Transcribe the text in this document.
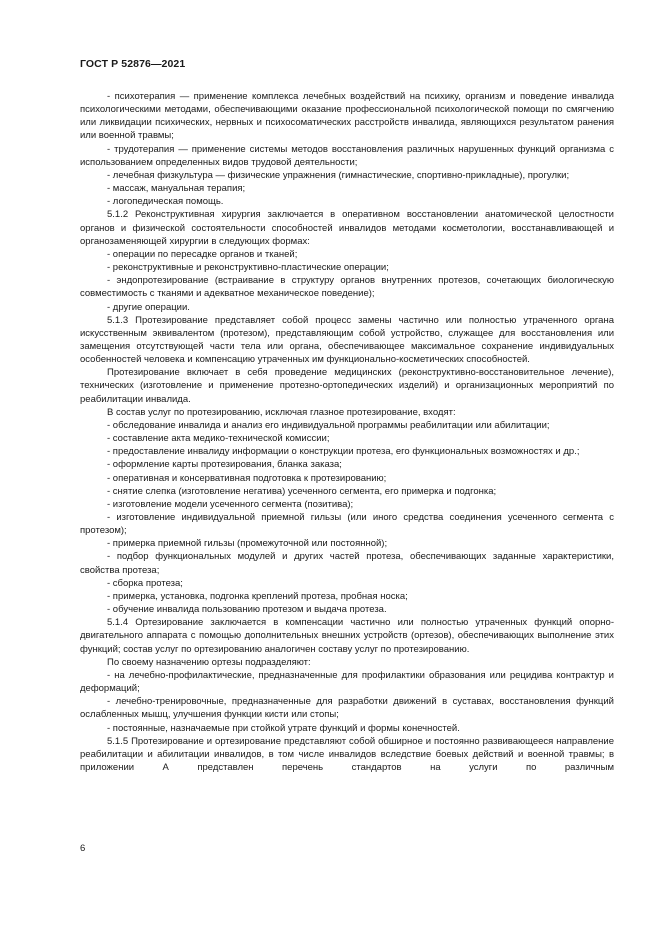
ГОСТ Р 52876—2021

- психотерапия — применение комплекса лечебных воздействий на психику, организм и поведение инвалида психологическими методами, обеспечивающими оказание профессиональной психологической помощи по смягчению или ликвидации психических, нервных и психосоматических расстройств инвалида, являющихся результатом ранения или военной травмы;

- трудотерапия — применение системы методов восстановления различных нарушенных функций организма с использованием определенных видов трудовой деятельности;

- лечебная физкультура — физические упражнения (гимнастические, спортивно-прикладные), прогулки;

- массаж, мануальная терапия;

- логопедическая помощь.

5.1.2 Реконструктивная хирургия заключается в оперативном восстановлении анатомической целостности органов и физической состоятельности способностей инвалидов методами косметологии, восстанавливающей и органозаменяющей хирургии в следующих формах:

- операции по пересадке органов и тканей;

- реконструктивные и реконструктивно-пластические операции;

- эндопротезирование (встраивание в структуру органов внутренних протезов, сочетающих биологическую совместимость с тканями и адекватное механическое поведение);

- другие операции.

5.1.3 Протезирование представляет собой процесс замены частично или полностью утраченного органа искусственным эквивалентом (протезом), представляющим собой устройство, служащее для восстановления или замещения отсутствующей части тела или органа, обеспечивающее максимальное сохранение индивидуальных особенностей человека и компенсацию утраченных им функционально-косметических способностей.

Протезирование включает в себя проведение медицинских (реконструктивно-восстановительное лечение), технических (изготовление и применение протезно-ортопедических изделий) и организационных мероприятий по реабилитации инвалида.

В состав услуг по протезированию, исключая глазное протезирование, входят:

- обследование инвалида и анализ его индивидуальной программы реабилитации или абилитации;

- составление акта медико-технической комиссии;

- предоставление инвалиду информации о конструкции протеза, его функциональных возможностях и др.;

- оформление карты протезирования, бланка заказа;

- оперативная и консервативная подготовка к протезированию;

- снятие слепка (изготовление негатива) усеченного сегмента, его примерка и подгонка;

- изготовление модели усеченного сегмента (позитива);

- изготовление индивидуальной приемной гильзы (или иного средства соединения усеченного сегмента с протезом);

- примерка приемной гильзы (промежуточной или постоянной);

- подбор функциональных модулей и других частей протеза, обеспечивающих заданные характеристики, свойства протеза;

- сборка протеза;

- примерка, установка, подгонка креплений протеза, пробная носка;

- обучение инвалида пользованию протезом и выдача протеза.

5.1.4 Ортезирование заключается в компенсации частично или полностью утраченных функций опорно-двигательного аппарата с помощью дополнительных внешних устройств (ортезов), обеспечивающих выполнение этих функций; состав услуг по ортезированию аналогичен составу услуг по протезированию.

По своему назначению ортезы подразделяют:

- на лечебно-профилактические, предназначенные для профилактики образования или рецидива контрактур и деформаций;

- лечебно-тренировочные, предназначенные для разработки движений в суставах, восстановления функций ослабленных мышц, улучшения функции кисти или стопы;

- постоянные, назначаемые при стойкой утрате функций и формы конечностей.

5.1.5 Протезирование и ортезирование представляют собой обширное и постоянно развивающееся направление реабилитации и абилитации инвалидов, в том числе инвалидов вследствие боевых действий и военной травмы; в приложении А представлен перечень стандартов на услуги по различным

6
